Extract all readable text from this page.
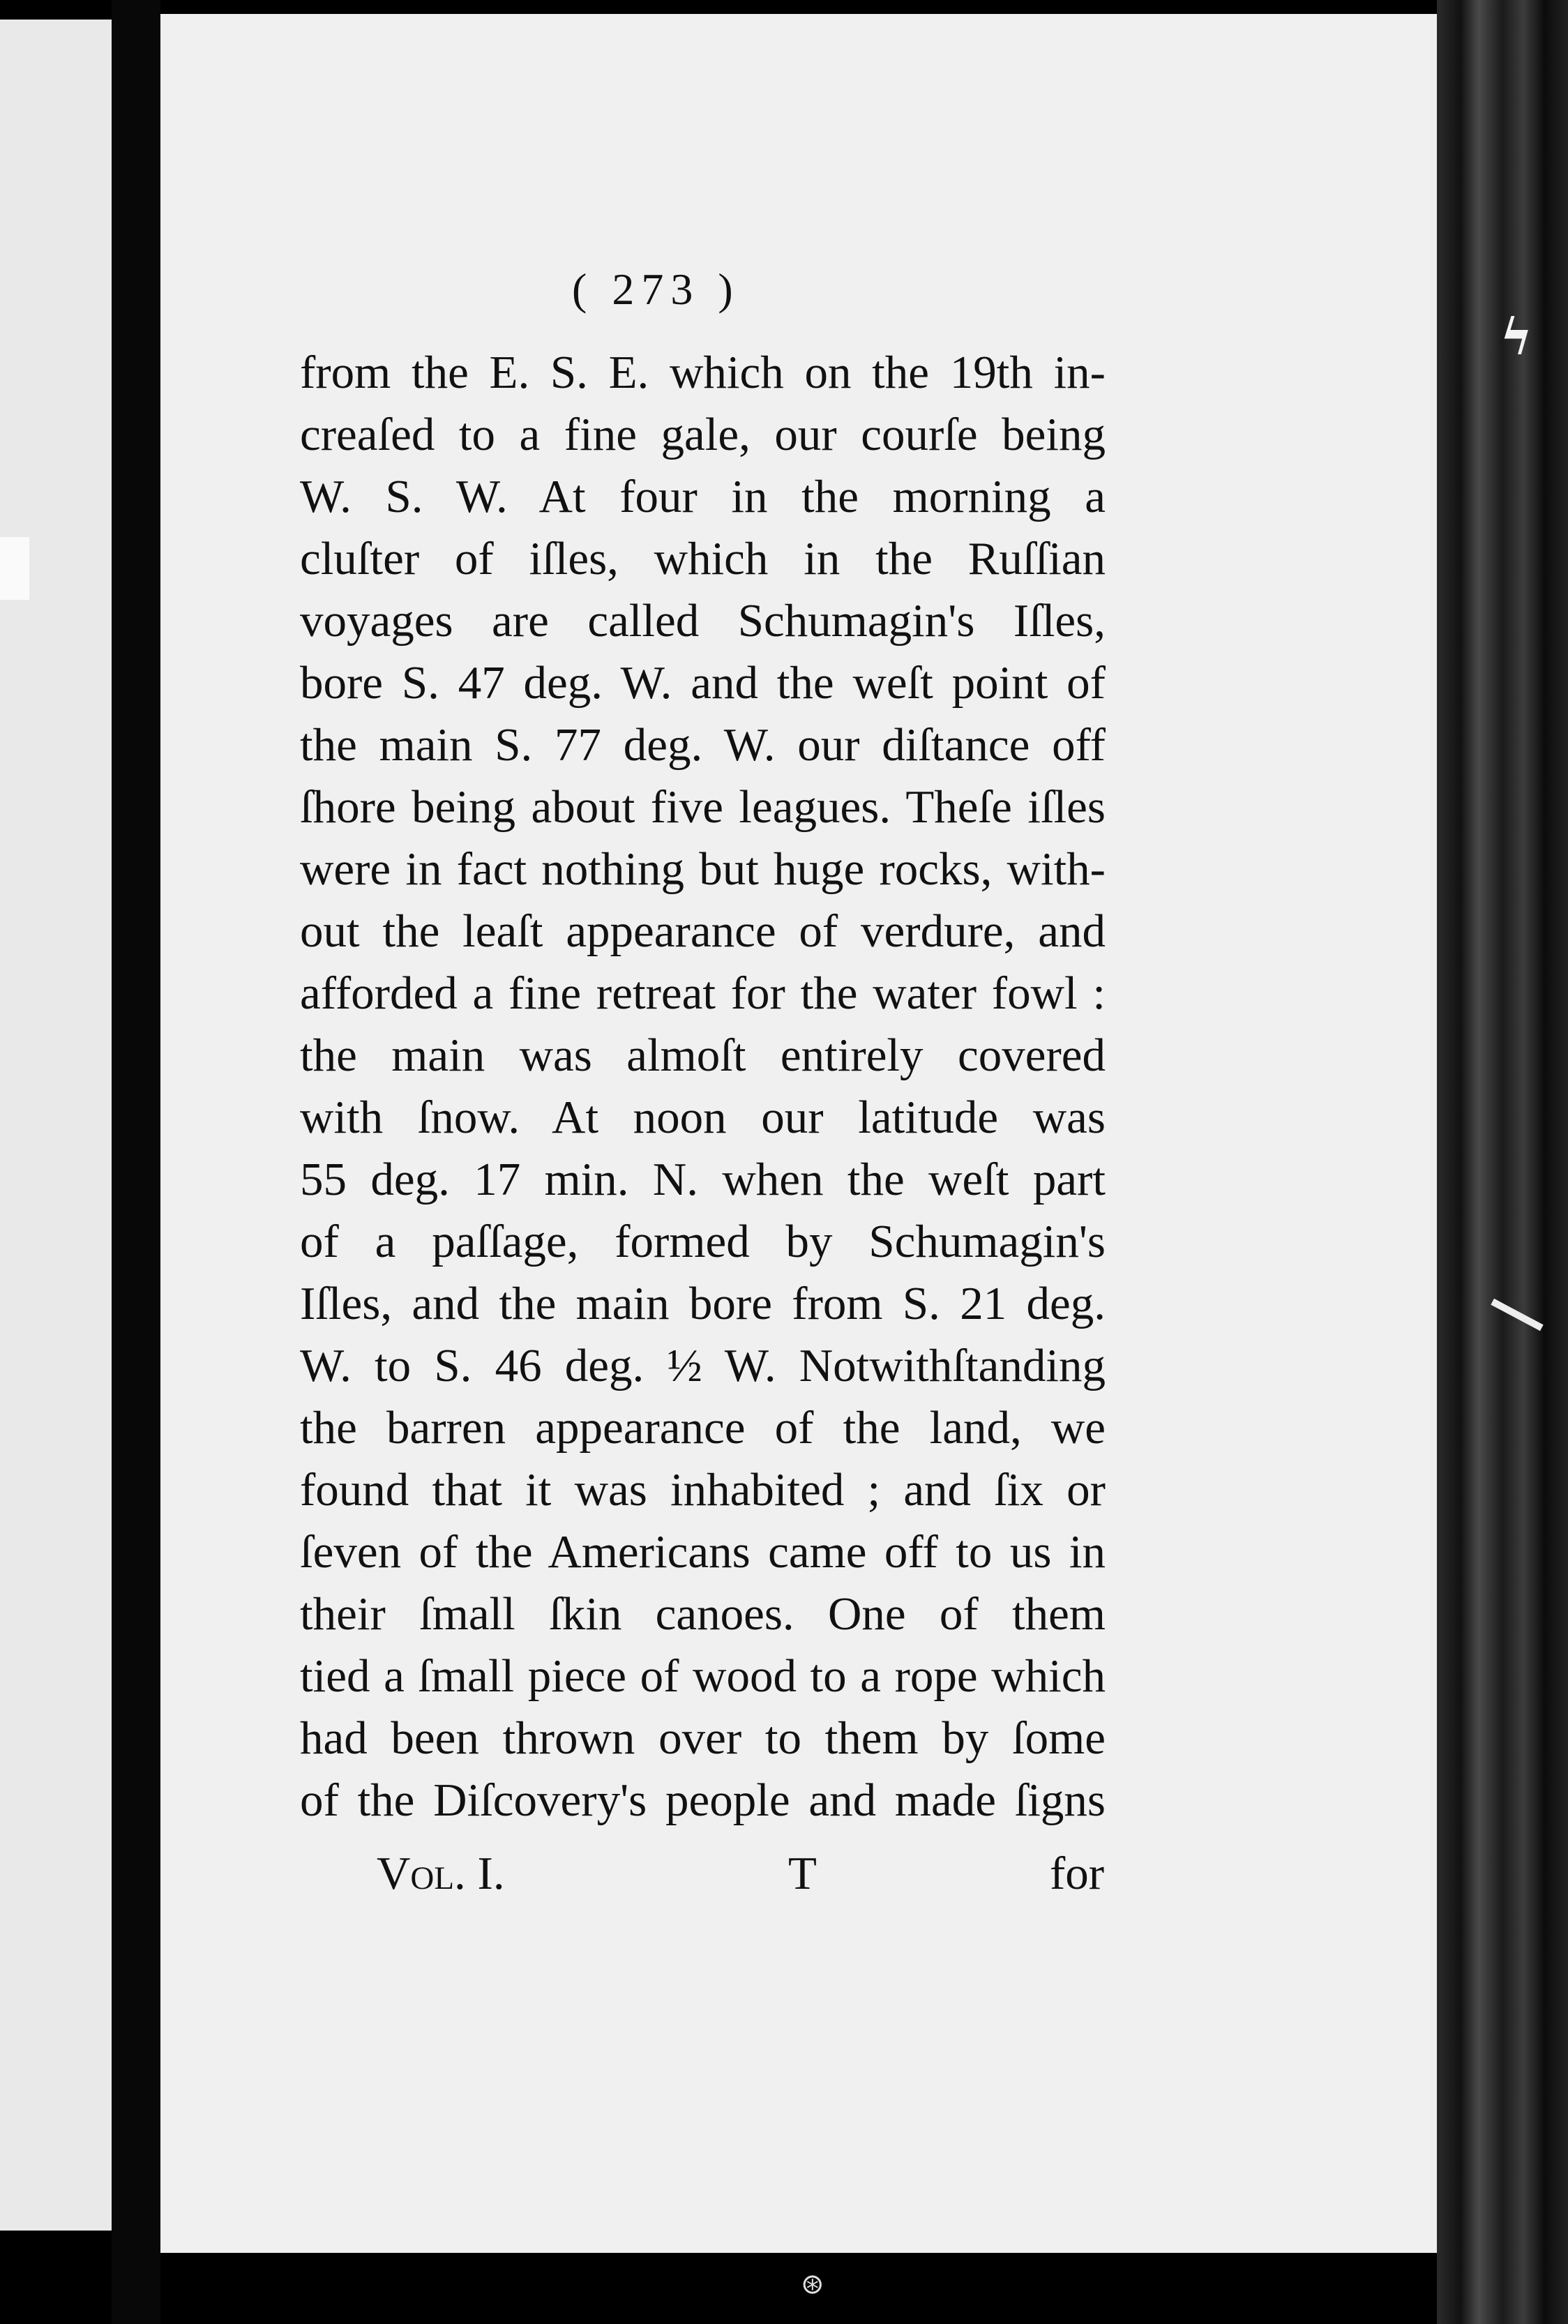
ϟ
( 273 )
from the E. S. E. which on the 19th in-
creaſed to a fine gale, our courſe being
W. S. W. At four in the morning a
cluſter of iſles, which in the Ruſſian
voyages are called Schumagin's Iſles,
bore S. 47 deg. W. and the weſt point of
the main S. 77 deg. W. our diſtance off
ſhore being about five leagues. Theſe iſles
were in fact nothing but huge rocks, with-
out the leaſt appearance of verdure, and
afforded a fine retreat for the water fowl :
the main was almoſt entirely covered
with ſnow. At noon our latitude was
55 deg. 17 min. N. when the weſt part
of a paſſage, formed by Schumagin's
Iſles, and the main bore from S. 21 deg.
W. to S. 46 deg. ½ W. Notwithſtanding
the barren appearance of the land, we
found that it was inhabited ; and ſix or
ſeven of the Americans came off to us in
their ſmall ſkin canoes. One of them
tied a ſmall piece of wood to a rope which
had been thrown over to them by ſome
of the Diſcovery's people and made ſigns
Vol. I.	T	for
⊛
